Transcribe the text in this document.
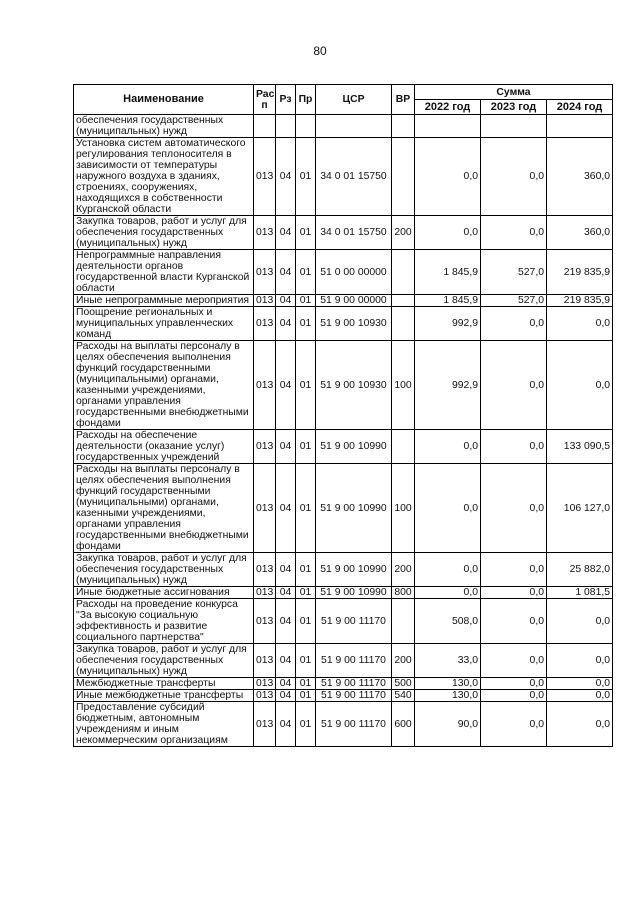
80
Наименование	Рас п	Рз	Пр	ЦСР	ВР	Сумма		
						2022 год	2023 год	2024 год
обеспечения государственных (муниципальных) нужд								
Установка систем автоматического регулирования теплоносителя в зависимости от температуры наружного воздуха в зданиях, строениях, сооружениях, находящихся в собственности Курганской области	013	04	01	34 0 01 15750		0,0	0,0	360,0
Закупка товаров, работ и услуг для обеспечения государственных (муниципальных) нужд	013	04	01	34 0 01 15750	200	0,0	0,0	360,0
Непрограммные направления деятельности органов государственной власти Курганской области	013	04	01	51 0 00 00000		1 845,9	527,0	219 835,9
Иные непрограммные мероприятия	013	04	01	51 9 00 00000		1 845,9	527,0	219 835,9
Поощрение региональных и муниципальных управленческих команд	013	04	01	51 9 00 10930		992,9	0,0	0,0
Расходы на выплаты персоналу в целях обеспечения выполнения функций государственными (муниципальными) органами, казенными учреждениями, органами управления государственными внебюджетными фондами	013	04	01	51 9 00 10930	100	992,9	0,0	0,0
Расходы на обеспечение деятельности (оказание услуг) государственных учреждений	013	04	01	51 9 00 10990		0,0	0,0	133 090,5
Расходы на выплаты персоналу в целях обеспечения выполнения функций государственными (муниципальными) органами, казенными учреждениями, органами управления государственными внебюджетными фондами	013	04	01	51 9 00 10990	100	0,0	0,0	106 127,0
Закупка товаров, работ и услуг для обеспечения государственных (муниципальных) нужд	013	04	01	51 9 00 10990	200	0,0	0,0	25 882,0
Иные бюджетные ассигнования	013	04	01	51 9 00 10990	800	0,0	0,0	1 081,5
Расходы на проведение конкурса "За высокую социальную эффективность и развитие социального партнерства"	013	04	01	51 9 00 11170		508,0	0,0	0,0
Закупка товаров, работ и услуг для обеспечения государственных (муниципальных) нужд	013	04	01	51 9 00 11170	200	33,0	0,0	0,0
Межбюджетные трансферты	013	04	01	51 9 00 11170	500	130,0	0,0	0,0
Иные межбюджетные трансферты	013	04	01	51 9 00 11170	540	130,0	0,0	0,0
Предоставление субсидий бюджетным, автономным учреждениям и иным некоммерческим организациям	013	04	01	51 9 00 11170	600	90,0	0,0	0,0
